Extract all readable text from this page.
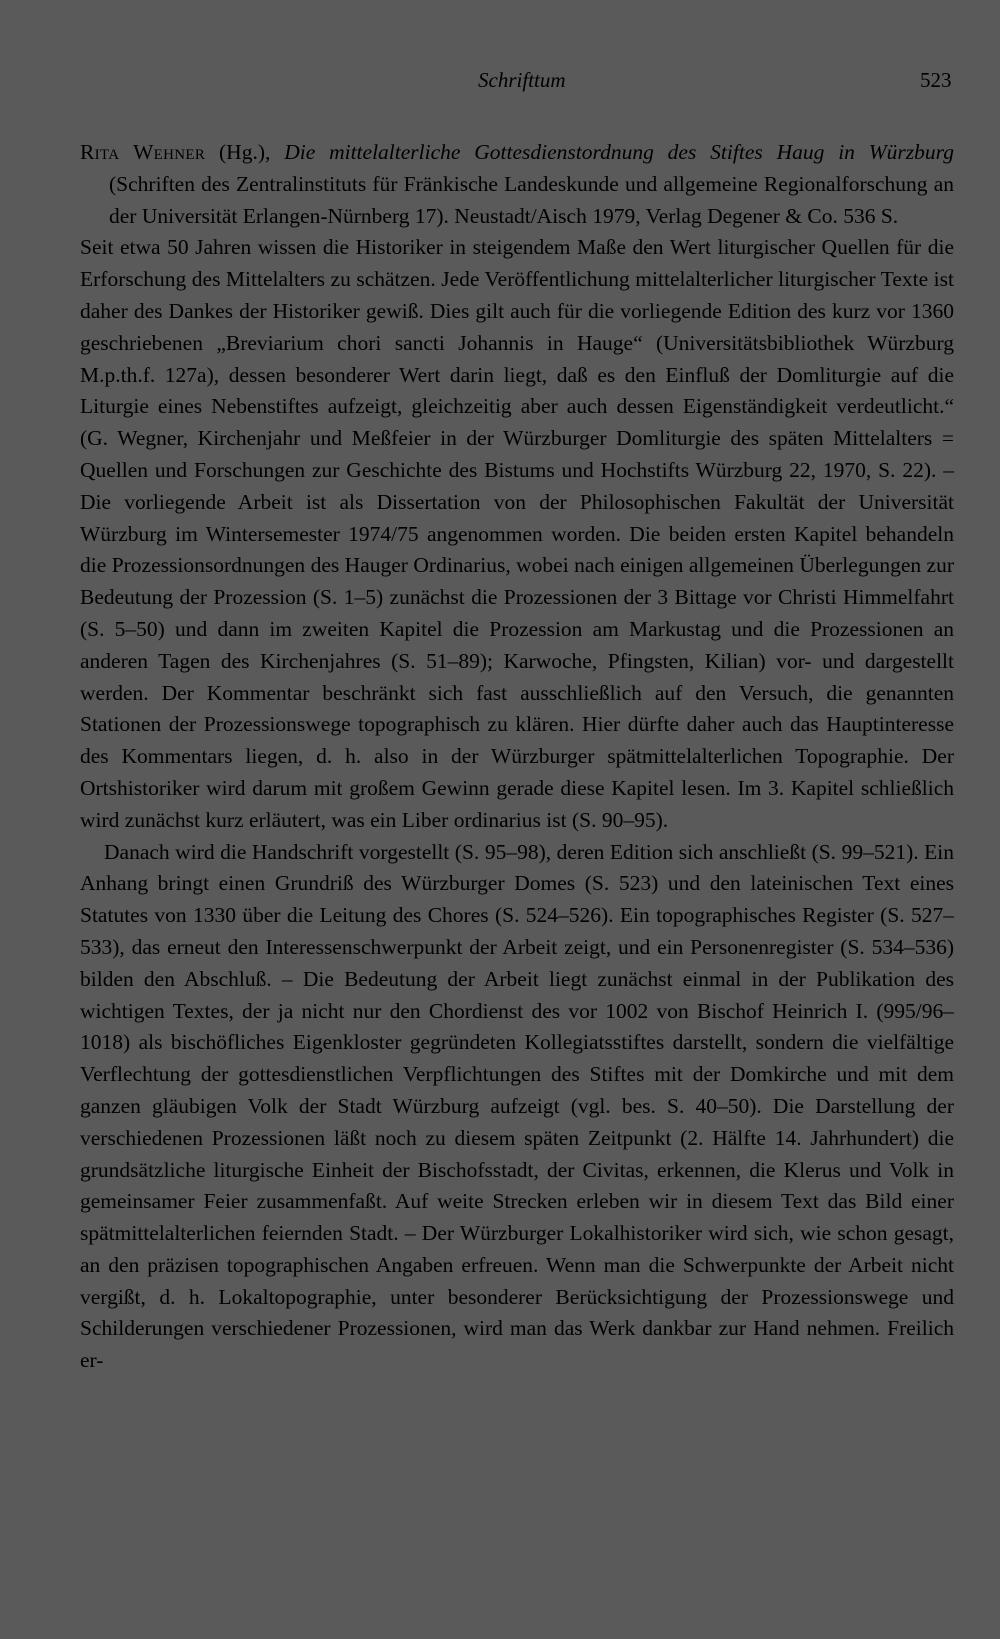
Schrifttum	523

Rita Wehner (Hg.), Die mittelalterliche Gottesdienstordnung des Stiftes Haug in Würzburg (Schriften des Zentralinstituts für Fränkische Landeskunde und allgemeine Regionalforschung an der Universität Erlangen-Nürnberg 17). Neustadt/Aisch 1979, Verlag Degener & Co. 536 S.

Seit etwa 50 Jahren wissen die Historiker in steigendem Maße den Wert liturgischer Quellen für die Erforschung des Mittelalters zu schätzen. Jede Veröffentlichung mittelalterlicher liturgischer Texte ist daher des Dankes der Historiker gewiß. Dies gilt auch für die vorliegende Edition des kurz vor 1360 geschriebenen „Breviarium chori sancti Johannis in Hauge“ (Universitätsbibliothek Würzburg M.p.th.f. 127a), dessen besonderer Wert darin liegt, daß es den Einfluß der Domliturgie auf die Liturgie eines Nebenstiftes aufzeigt, gleichzeitig aber auch dessen Eigenständigkeit verdeutlicht.“ (G. Wegner, Kirchenjahr und Meßfeier in der Würzburger Domliturgie des späten Mittelalters = Quellen und Forschungen zur Geschichte des Bistums und Hochstifts Würzburg 22, 1970, S. 22). – Die vorliegende Arbeit ist als Dissertation von der Philosophischen Fakultät der Universität Würzburg im Wintersemester 1974/75 angenommen worden. Die beiden ersten Kapitel behandeln die Prozessionsordnungen des Hauger Ordinarius, wobei nach einigen allgemeinen Überlegungen zur Bedeutung der Prozession (S. 1–5) zunächst die Prozessionen der 3 Bittage vor Christi Himmelfahrt (S. 5–50) und dann im zweiten Kapitel die Prozession am Markustag und die Prozessionen an anderen Tagen des Kirchenjahres (S. 51–89); Karwoche, Pfingsten, Kilian) vor- und dargestellt werden. Der Kommentar beschränkt sich fast ausschließlich auf den Versuch, die genannten Stationen der Prozessionswege topographisch zu klären. Hier dürfte daher auch das Hauptinteresse des Kommentars liegen, d. h. also in der Würzburger spätmittelalterlichen Topographie. Der Ortshistoriker wird darum mit großem Gewinn gerade diese Kapitel lesen. Im 3. Kapitel schließlich wird zunächst kurz erläutert, was ein Liber ordinarius ist (S. 90–95).

Danach wird die Handschrift vorgestellt (S. 95–98), deren Edition sich anschließt (S. 99–521). Ein Anhang bringt einen Grundriß des Würzburger Domes (S. 523) und den lateinischen Text eines Statutes von 1330 über die Leitung des Chores (S. 524–526). Ein topographisches Register (S. 527–533), das erneut den Interessenschwerpunkt der Arbeit zeigt, und ein Personenregister (S. 534–536) bilden den Abschluß. – Die Bedeutung der Arbeit liegt zunächst einmal in der Publikation des wichtigen Textes, der ja nicht nur den Chordienst des vor 1002 von Bischof Heinrich I. (995/96–1018) als bischöfliches Eigenkloster gegründeten Kollegiatsstiftes darstellt, sondern die vielfältige Verflechtung der gottesdienstlichen Verpflichtungen des Stiftes mit der Domkirche und mit dem ganzen gläubigen Volk der Stadt Würzburg aufzeigt (vgl. bes. S. 40–50). Die Darstellung der verschiedenen Prozessionen läßt noch zu diesem späten Zeitpunkt (2. Hälfte 14. Jahrhundert) die grundsätzliche liturgische Einheit der Bischofsstadt, der Civitas, erkennen, die Klerus und Volk in gemeinsamer Feier zusammenfaßt. Auf weite Strecken erleben wir in diesem Text das Bild einer spätmittelalterlichen feiernden Stadt. – Der Würzburger Lokalhistoriker wird sich, wie schon gesagt, an den präzisen topographischen Angaben erfreuen. Wenn man die Schwerpunkte der Arbeit nicht vergißt, d. h. Lokaltopographie, unter besonderer Berücksichtigung der Prozessionswege und Schilderungen verschiedener Prozessionen, wird man das Werk dankbar zur Hand nehmen. Freilich er-
